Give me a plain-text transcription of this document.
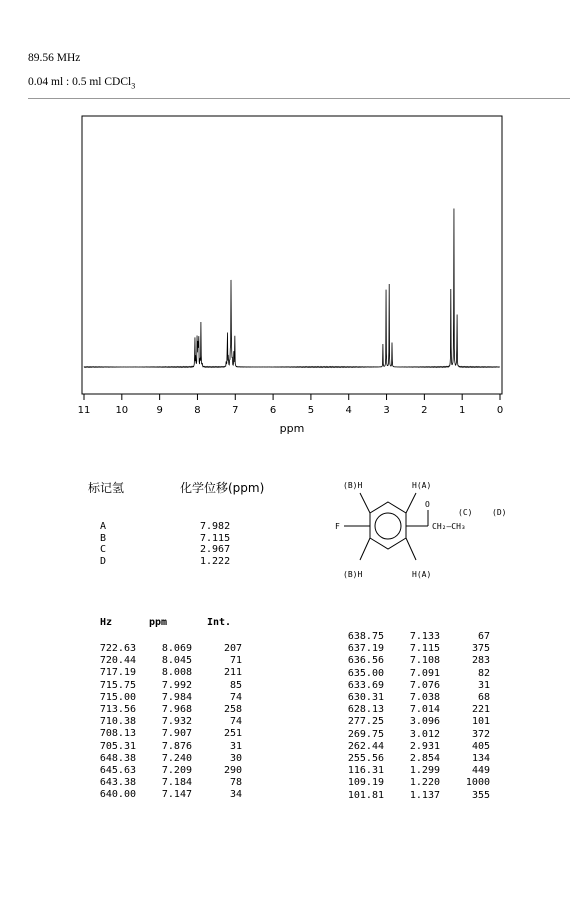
89.56 MHz
0.04 ml : 0.5 ml CDCl$_3$
11	10	9	8	7	6	5	4	3	2	1	0
ppm
标记氢	化学位移(ppm)
A	7.982
B	7.115
C	2.967
D	1.222
(B)H	H(A)
(B)H	H(A)
F
O
(C) (D)
CH₂—CH₃
Hz	ppm	Int.
722.63	8.069	207
720.44	8.045	71
717.19	8.008	211
715.75	7.992	85
715.00	7.984	74
713.56	7.968	258
710.38	7.932	74
708.13	7.907	251
705.31	7.876	31
648.38	7.240	30
645.63	7.209	290
643.38	7.184	78
640.00	7.147	34
638.75	7.133	67
637.19	7.115	375
636.56	7.108	283
635.00	7.091	82
633.69	7.076	31
630.31	7.038	68
628.13	7.014	221
277.25	3.096	101
269.75	3.012	372
262.44	2.931	405
255.56	2.854	134
116.31	1.299	449
109.19	1.220	1000
101.81	1.137	355
